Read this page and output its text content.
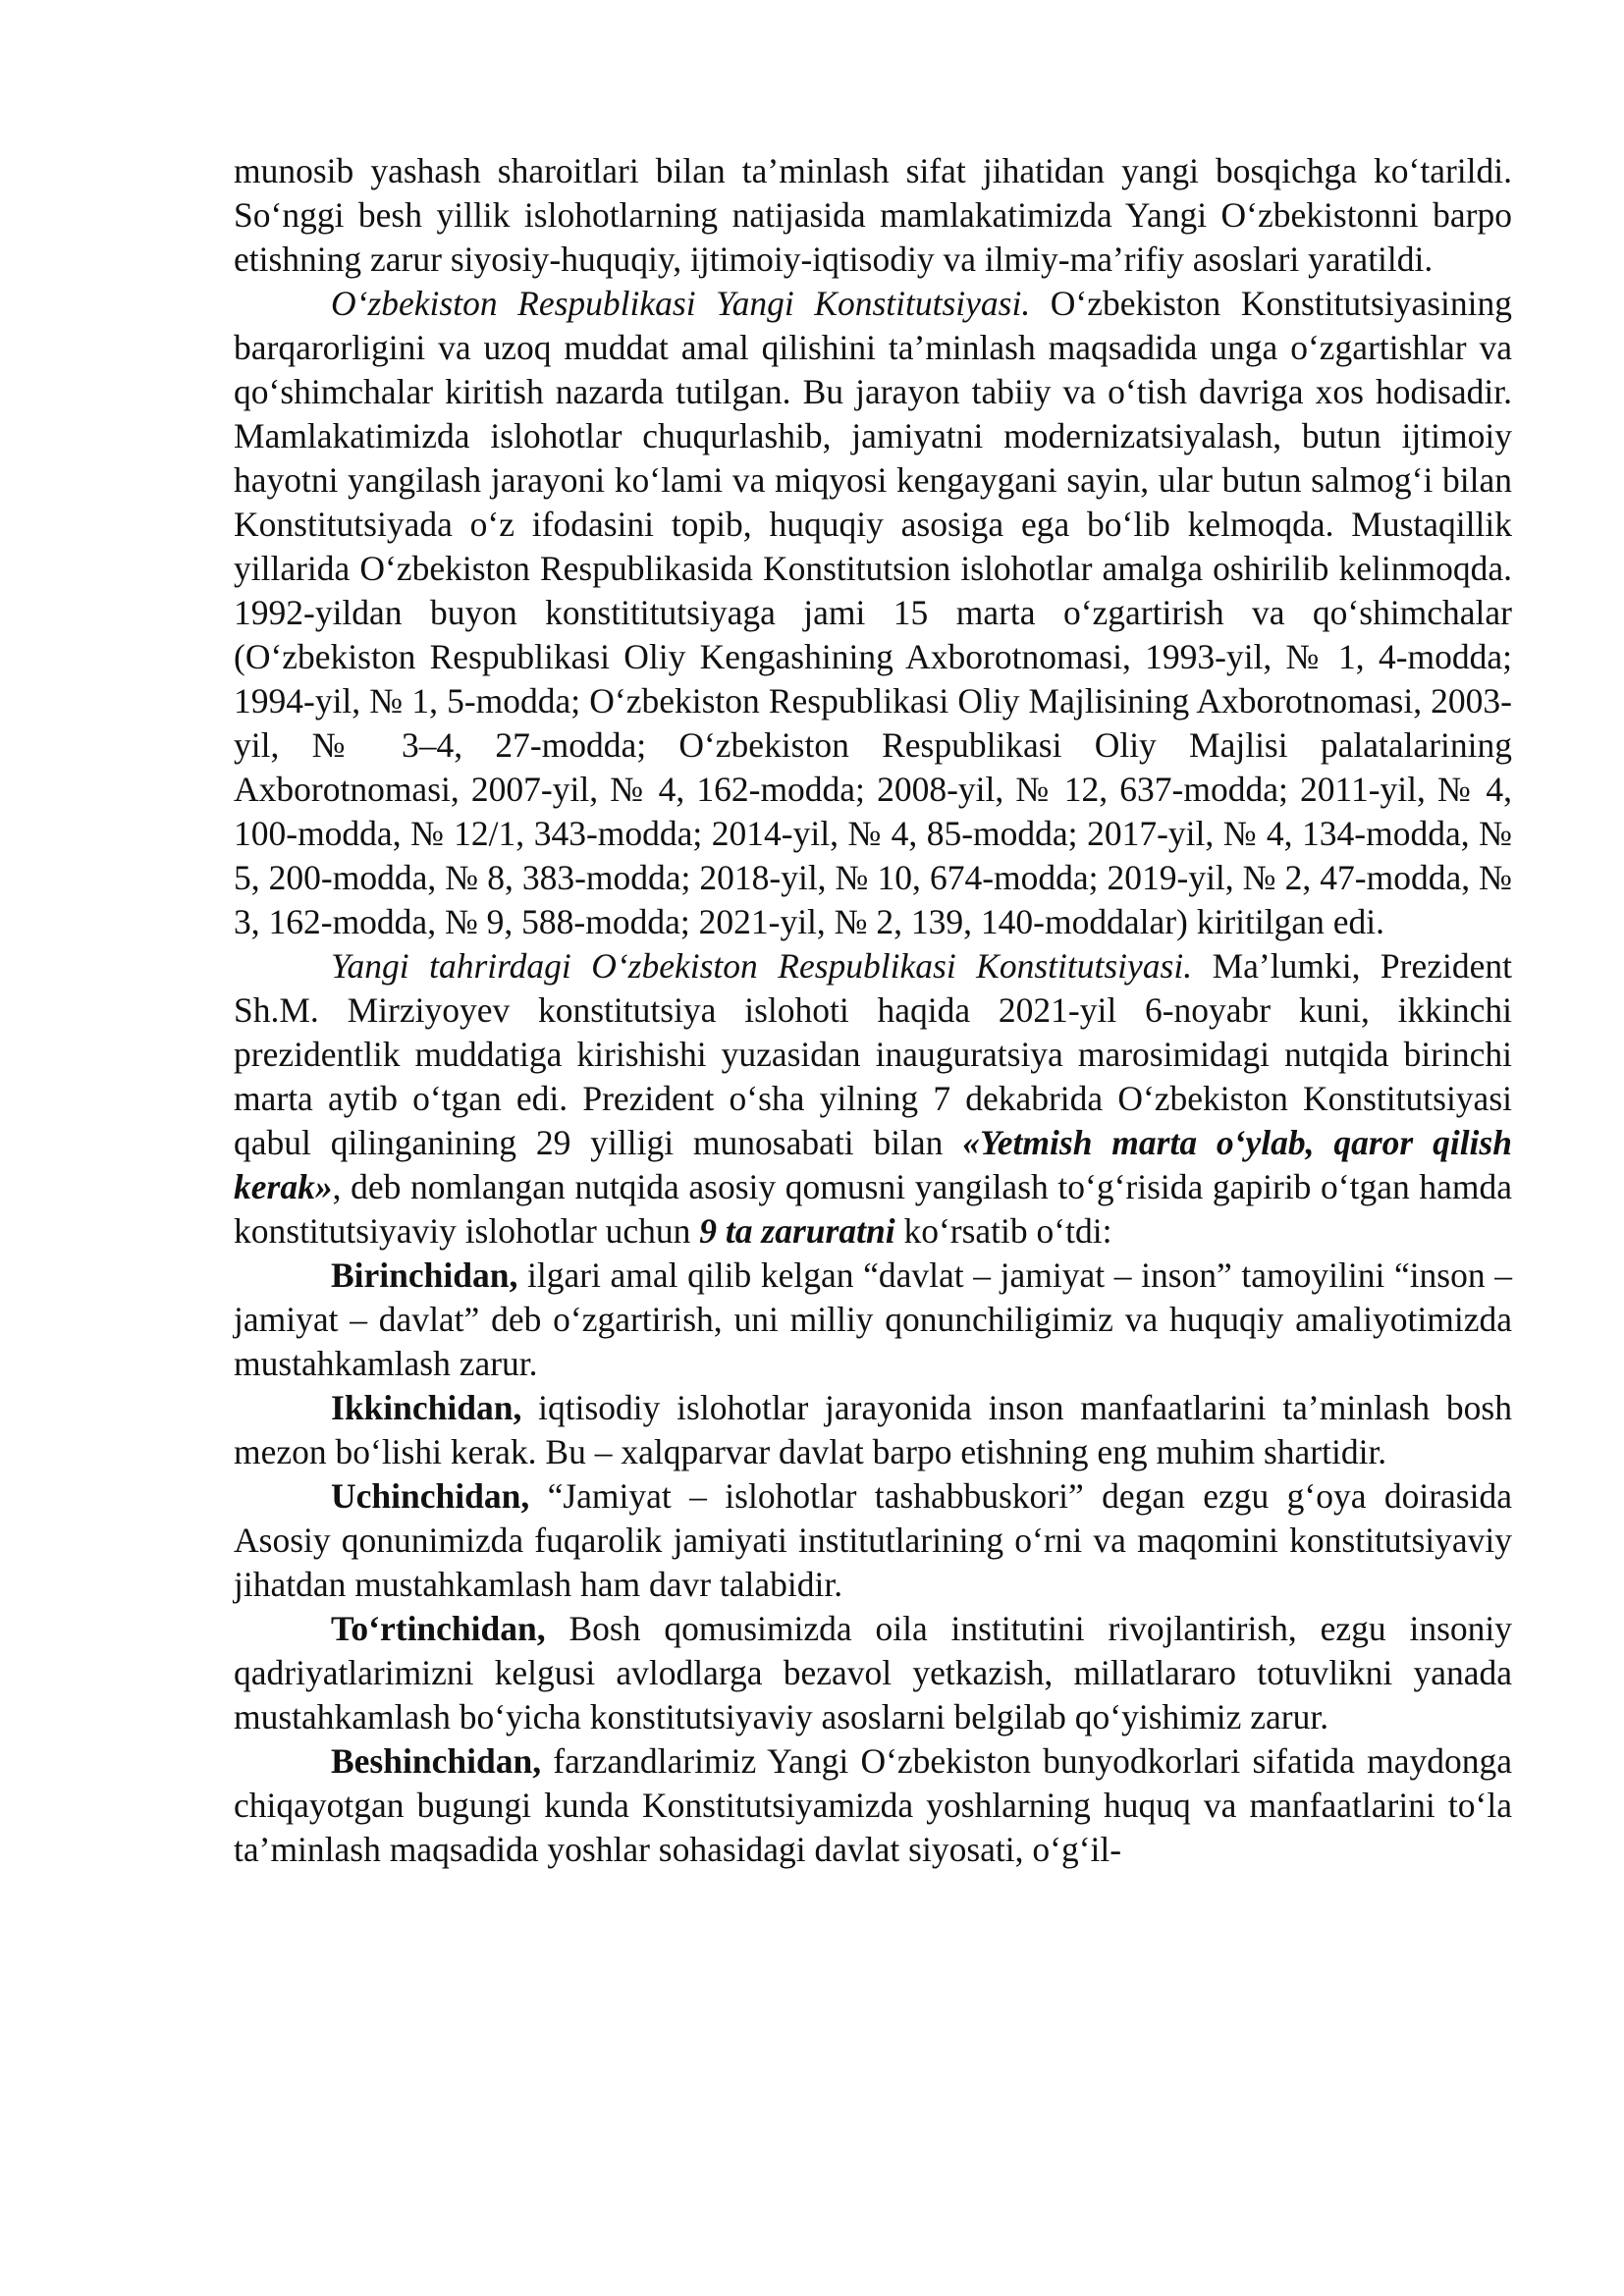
munosib yashash sharoitlari bilan ta’minlash sifat jihatidan yangi bosqichga ko‘tarildi. So‘nggi besh yillik islohotlarning natijasida mamlakatimizda Yangi O‘zbekistonni barpo etishning zarur siyosiy-huquqiy, ijtimoiy-iqtisodiy va ilmiy-ma’rifiy asoslari yaratildi.

O‘zbekiston Respublikasi Yangi Konstitutsiyasi. O‘zbekiston Konstitutsiyasining barqarorligini va uzoq muddat amal qilishini ta’minlash maqsadida unga o‘zgartishlar va qo‘shimchalar kiritish nazarda tutilgan. Bu jarayon tabiiy va o‘tish davriga xos hodisadir. Mamlakatimizda islohotlar chuqurlashib, jamiyatni modernizatsiyalash, butun ijtimoiy hayotni yangilash jarayoni ko‘lami va miqyosi kengaygani sayin, ular butun salmog‘i bilan Konstitutsiyada o‘z ifodasini topib, huquqiy asosiga ega bo‘lib kelmoqda. Mustaqillik yillarida O‘zbekiston Respublikasida Konstitutsion islohotlar amalga oshirilib kelinmoqda. 1992-yildan buyon konstititutsiyaga jami 15 marta o‘zgartirish va qo‘shimchalar (O‘zbekiston Respublikasi Oliy Kengashining Axborotnomasi, 1993-yil, № 1, 4-modda; 1994-yil, № 1, 5-modda; O‘zbekiston Respublikasi Oliy Majlisining Axborotnomasi, 2003-yil, № 3–4, 27-modda; O‘zbekiston Respublikasi Oliy Majlisi palatalarining Axborotnomasi, 2007-yil, № 4, 162-modda; 2008-yil, № 12, 637-modda; 2011-yil, № 4, 100-modda, № 12/1, 343-modda; 2014-yil, № 4, 85-modda; 2017-yil, № 4, 134-modda, № 5, 200-modda, № 8, 383-modda; 2018-yil, № 10, 674-modda; 2019-yil, № 2, 47-modda, № 3, 162-modda, № 9, 588-modda; 2021-yil, № 2, 139, 140-moddalar) kiritilgan edi.

Yangi tahrirdagi O‘zbekiston Respublikasi Konstitutsiyasi. Ma’lumki, Prezident Sh.M. Mirziyoyev konstitutsiya islohoti haqida 2021-yil 6-noyabr kuni, ikkinchi prezidentlik muddatiga kirishishi yuzasidan inauguratsiya marosimidagi nutqida birinchi marta aytib o‘tgan edi. Prezident o‘sha yilning 7 dekabrida O‘zbekiston Konstitutsiyasi qabul qilinganining 29 yilligi munosabati bilan «Yetmish marta o‘ylab, qaror qilish kerak», deb nomlangan nutqida asosiy qomusni yangilash to‘g‘risida gapirib o‘tgan hamda konstitutsiyaviy islohotlar uchun 9 ta zaruratni ko‘rsatib o‘tdi:

Birinchidan, ilgari amal qilib kelgan “davlat – jamiyat – inson” tamoyilini “inson – jamiyat – davlat” deb o‘zgartirish, uni milliy qonunchiligimiz va huquqiy amaliyotimizda mustahkamlash zarur.

Ikkinchidan, iqtisodiy islohotlar jarayonida inson manfaatlarini ta’minlash bosh mezon bo‘lishi kerak. Bu – xalqparvar davlat barpo etishning eng muhim shartidir.

Uchinchidan, “Jamiyat – islohotlar tashabbuskori” degan ezgu g‘oya doirasida Asosiy qonunimizda fuqarolik jamiyati institutlarining o‘rni va maqomini konstitutsiyaviy jihatdan mustahkamlash ham davr talabidir.

To‘rtinchidan, Bosh qomusimizda oila institutini rivojlantirish, ezgu insoniy qadriyatlarimizni kelgusi avlodlarga bezavol yetkazish, millatlararo totuvlikni yanada mustahkamlash bo‘yicha konstitutsiyaviy asoslarni belgilab qo‘yishimiz zarur.

Beshinchidan, farzandlarimiz Yangi O‘zbekiston bunyodkorlari sifatida maydonga chiqayotgan bugungi kunda Konstitutsiyamizda yoshlarning huquq va manfaatlarini to‘la ta’minlash maqsadida yoshlar sohasidagi davlat siyosati, o‘g‘il-
